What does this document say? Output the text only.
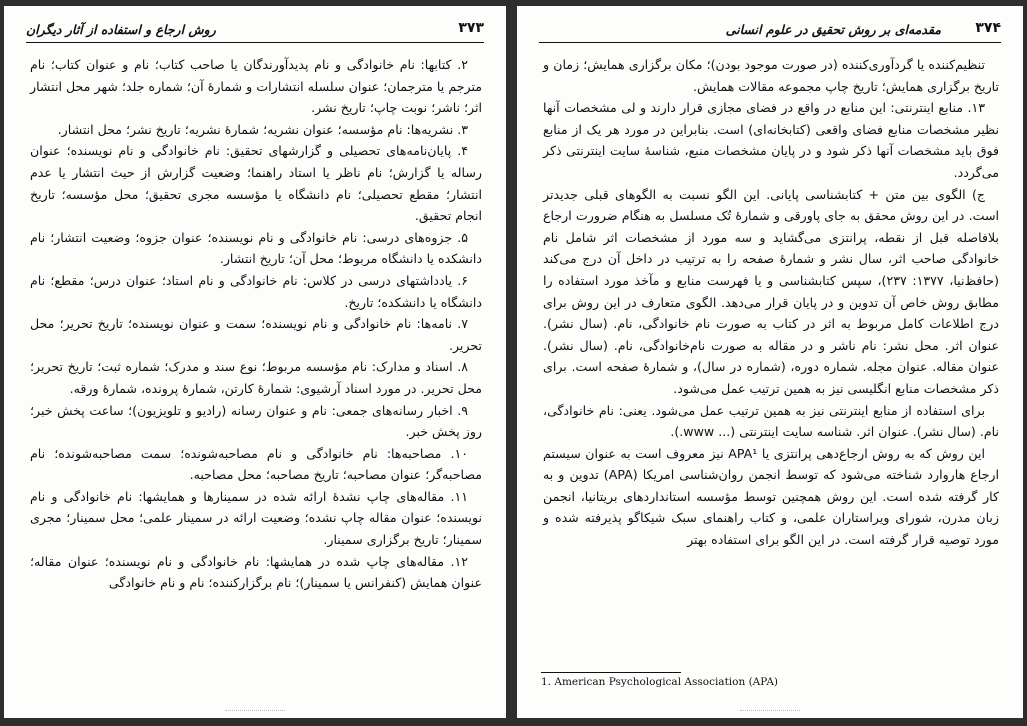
۳۷۳
روش ارجاع و استفاده از آثار دیگران

۲. کتابها: نام خانوادگی و نام پدیدآورندگان یا صاحب کتاب؛ نام و عنوان کتاب؛ نام مترجم یا مترجمان؛ عنوان سلسله انتشارات و شمارهٔ آن؛ شماره جلد؛ شهر محل انتشار اثر؛ ناشر؛ نوبت چاپ؛ تاریخ نشر.

۳. نشریه‌ها: نام مؤسسه؛ عنوان نشریه؛ شمارهٔ نشریه؛ تاریخ نشر؛ محل انتشار.

۴. پایان‌نامه‌های تحصیلی و گزارشهای تحقیق: نام خانوادگی و نام نویسنده؛ عنوان رساله یا گزارش؛ نام ناظر یا استاد راهنما؛ وضعیت گزارش از حیث انتشار یا عدم انتشار؛ مقطع تحصیلی؛ نام دانشگاه یا مؤسسه مجری تحقیق؛ محل مؤسسه؛ تاریخ انجام تحقیق.

۵. جزوه‌های درسی: نام خانوادگی و نام نویسنده؛ عنوان جزوه؛ وضعیت انتشار؛ نام دانشکده یا دانشگاه مربوط؛ محل آن؛ تاریخ انتشار.

۶. یادداشتهای درسی در کلاس: نام خانوادگی و نام استاد؛ عنوان درس؛ مقطع؛ نام دانشگاه یا دانشکده؛ تاریخ.

۷. نامه‌ها: نام خانوادگی و نام نویسنده؛ سمت و عنوان نویسنده؛ تاریخ تحریر؛ محل تحریر.

۸. اسناد و مدارک: نام مؤسسه مربوط؛ نوع سند و مدرک؛ شماره ثبت؛ تاریخ تحریر؛ محل تحریر. در مورد اسناد آرشیوی: شمارهٔ کارتن، شمارهٔ پرونده، شمارهٔ ورقه.

۹. اخبار رسانه‌های جمعی: نام و عنوان رسانه (رادیو و تلویزیون)؛ ساعت پخش خبر؛ روز پخش خبر.

۱۰. مصاحبه‌ها: نام خانوادگی و نام مصاحبه‌شونده؛ سمت مصاحبه‌شونده؛ نام مصاحبه‌گر؛ عنوان مصاحبه؛ تاریخ مصاحبه؛ محل مصاحبه.

۱۱. مقاله‌های چاپ نشدهٔ ارائه شده در سمینارها و همایشها: نام خانوادگی و نام نویسنده؛ عنوان مقاله چاپ نشده؛ وضعیت ارائه در سمینار علمی؛ محل سمینار؛ مجری سمینار؛ تاریخ برگزاری سمینار.

۱۲. مقاله‌های چاپ شده در همایشها: نام خانوادگی و نام نویسنده؛ عنوان مقاله؛ عنوان همایش (کنفرانس یا سمینار)؛ نام برگزارکننده؛ نام و نام خانوادگی

۳۷۴
مقدمه‌ای بر روش تحقیق در علوم انسانی

تنظیم‌کننده یا گردآوری‌کننده (در صورت موجود بودن)؛ مکان برگزاری همایش؛ زمان و تاریخ برگزاری همایش؛ تاریخ چاپ مجموعه مقالات همایش.

۱۳. منابع اینترنتی: این منابع در واقع در فضای مجازی قرار دارند و لی مشخصات آنها نظیر مشخصات منابع فضای واقعی (کتابخانه‌ای) است. بنابراین در مورد هر یک از منابع فوق باید مشخصات آنها ذکر شود و در پایان مشخصات منبع، شناسهٔ سایت اینترنتی ذکر می‌گردد.

ج) الگوی بین متن + کتابشناسی پایانی. این الگو نسبت به الگوهای قبلی جدیدتر است. در این روش محقق به جای پاورقی و شمارهٔ تُک مسلسل به هنگام ضرورت ارجاع بلافاصله قبل از نقطه، پرانتزی می‌گشاید و سه مورد از مشخصات اثر شامل نام خانوادگی صاحب اثر، سال نشر و شمارهٔ صفحه را به ترتیب در داخل آن درج می‌کند (حافظ‌نیا، ۱۳۷۷: ۲۳۷)، سپس کتابشناسی و یا فهرست منابع و مآخذ مورد استفاده را مطابق روش خاص آن تدوین و در پایان قرار می‌دهد. الگوی متعارف در این روش برای درج اطلاعات کامل مربوط به اثر در کتاب به صورت نام خانوادگی، نام. (سال نشر). عنوان اثر. محل نشر: نام ناشر و در مقاله به صورت نام‌خانوادگی، نام. (سال نشر). عنوان مقاله. عنوان مجله. شماره دوره، (شماره در سال)، و شمارهٔ صفحه است. برای ذکر مشخصات منابع انگلیسی نیز به همین ترتیب عمل می‌شود.

برای استفاده از منابع اینترنتی نیز به همین ترتیب عمل می‌شود. یعنی: نام خانوادگی، نام. (سال نشر). عنوان اثر. شناسه سایت اینترنتی (... www.).

این روش که به روش ارجاع‌دهی پرانتزی یا APA¹ نیز معروف است به عنوان سیستم ارجاع هاروارد شناخته می‌شود که توسط انجمن روان‌شناسی امریکا (APA) تدوین و به کار گرفته شده است. این روش همچنین توسط مؤسسه استانداردهای بریتانیا، انجمن زبان مدرن، شورای ویراستاران علمی، و کتاب راهنمای سبک شیکاگو پذیرفته شده و مورد توصیه قرار گرفته است. در این الگو برای استفاده بهتر

1. American Psychological Association (APA)
